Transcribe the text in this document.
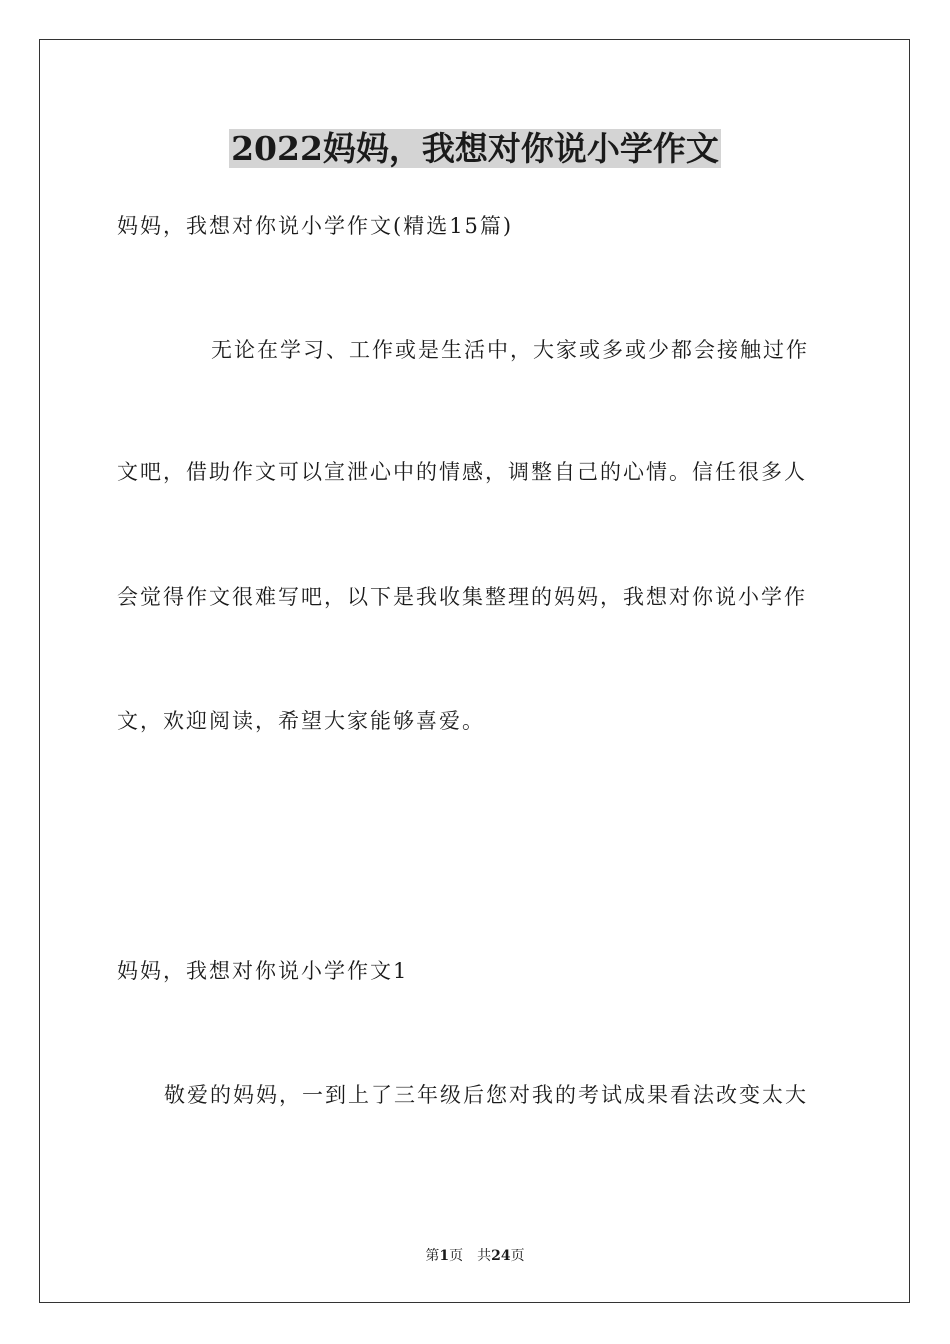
2022妈妈，我想对你说小学作文
妈妈，我想对你说小学作文(精选15篇)
无论在学习、工作或是生活中，大家或多或少都会接触过作
文吧，借助作文可以宣泄心中的情感，调整自己的心情。信任很多人
会觉得作文很难写吧，以下是我收集整理的妈妈，我想对你说小学作
文，欢迎阅读，希望大家能够喜爱。
妈妈，我想对你说小学作文1
敬爱的妈妈，一到上了三年级后您对我的考试成果看法改变太大
第1页 共24页
